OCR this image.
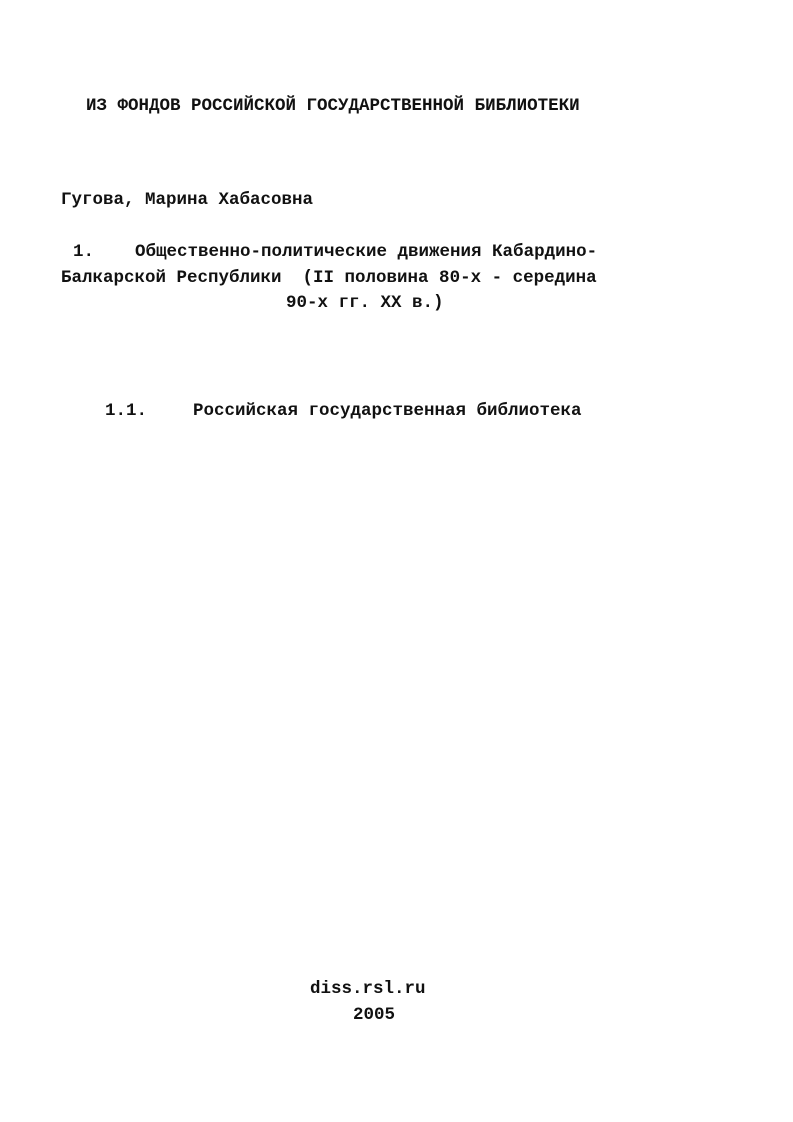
ИЗ ФОНДОВ РОССИЙСКОЙ ГОСУДАРСТВЕННОЙ БИБЛИОТЕКИ
Гугова, Марина Хабасовна
1. Общественно-политические движения Кабардино-
Балкарской Республики  (II половина 80-х - середина
90-х гг. XX в.)
1.1.	Российская государственная библиотека
diss.rsl.ru
2005
